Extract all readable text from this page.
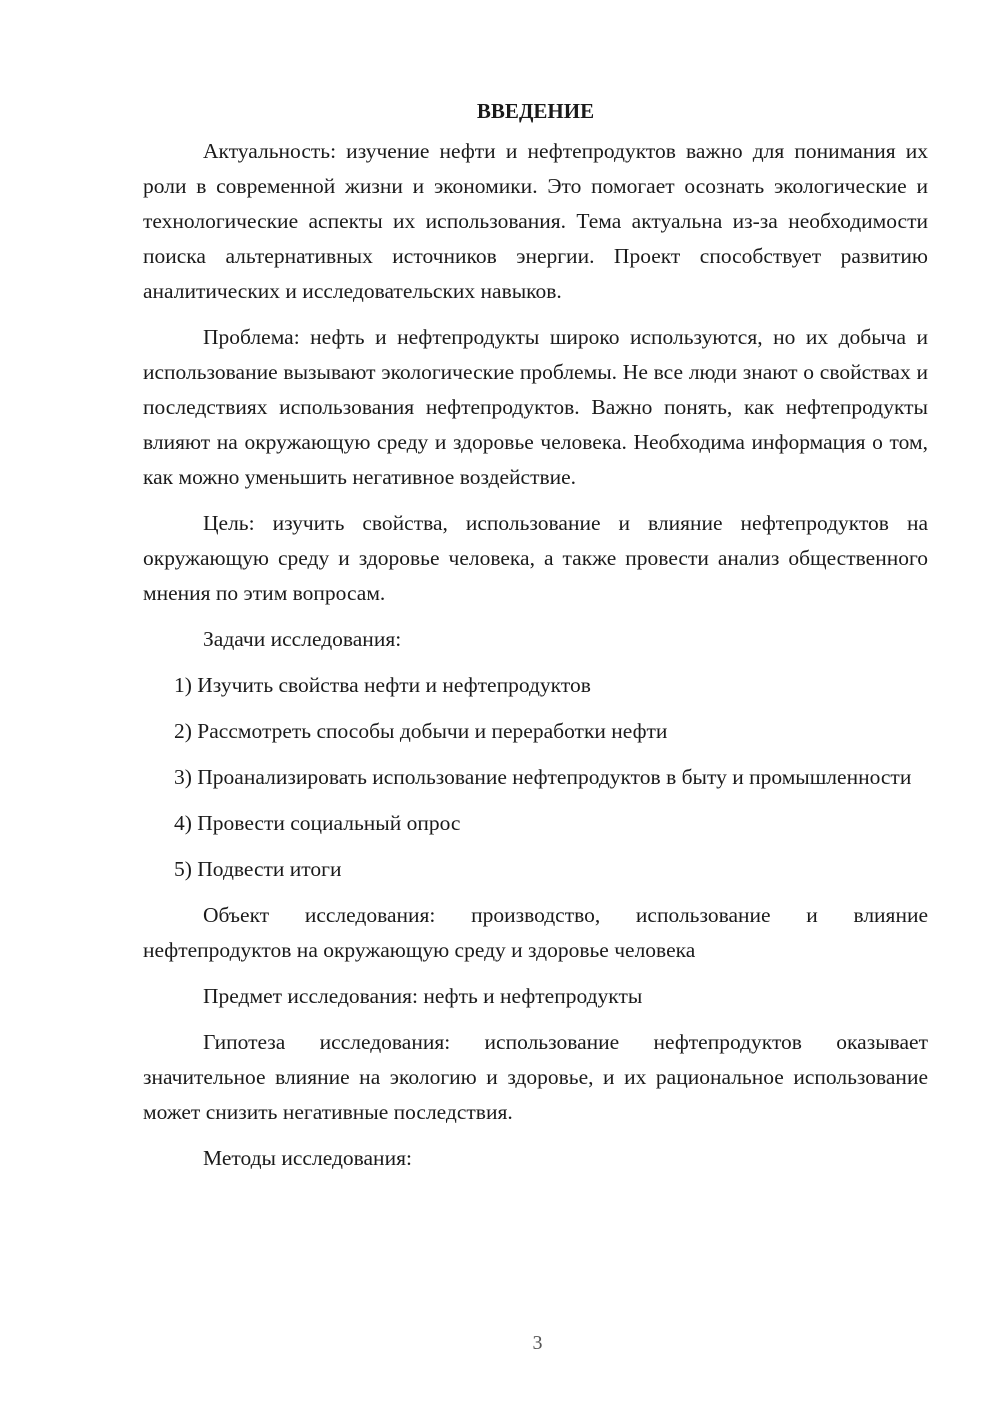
ВВЕДЕНИЕ

Актуальность: изучение нефти и нефтепродуктов важно для понимания их роли в современной жизни и экономики. Это помогает осознать экологические и технологические аспекты их использования. Тема актуальна из-за необходимости поиска альтернативных источников энергии. Проект способствует развитию аналитических и исследовательских навыков.

Проблема: нефть и нефтепродукты широко используются, но их добыча и использование вызывают экологические проблемы. Не все люди знают о свойствах и последствиях использования нефтепродуктов. Важно понять, как нефтепродукты влияют на окружающую среду и здоровье человека. Необходима информация о том, как можно уменьшить негативное воздействие.

Цель: изучить свойства, использование и влияние нефтепродуктов на окружающую среду и здоровье человека, а также провести анализ общественного мнения по этим вопросам.

Задачи исследования:

1) Изучить свойства нефти и нефтепродуктов

2) Рассмотреть способы добычи и переработки нефти

3) Проанализировать использование нефтепродуктов в быту и промышленности

4) Провести социальный опрос

5) Подвести итоги

Объект исследования: производство, использование и влияние нефтепродуктов на окружающую среду и здоровье человека

Предмет исследования: нефть и нефтепродукты

Гипотеза исследования: использование нефтепродуктов оказывает значительное влияние на экологию и здоровье, и их рациональное использование может снизить негативные последствия.

Методы исследования:

3
